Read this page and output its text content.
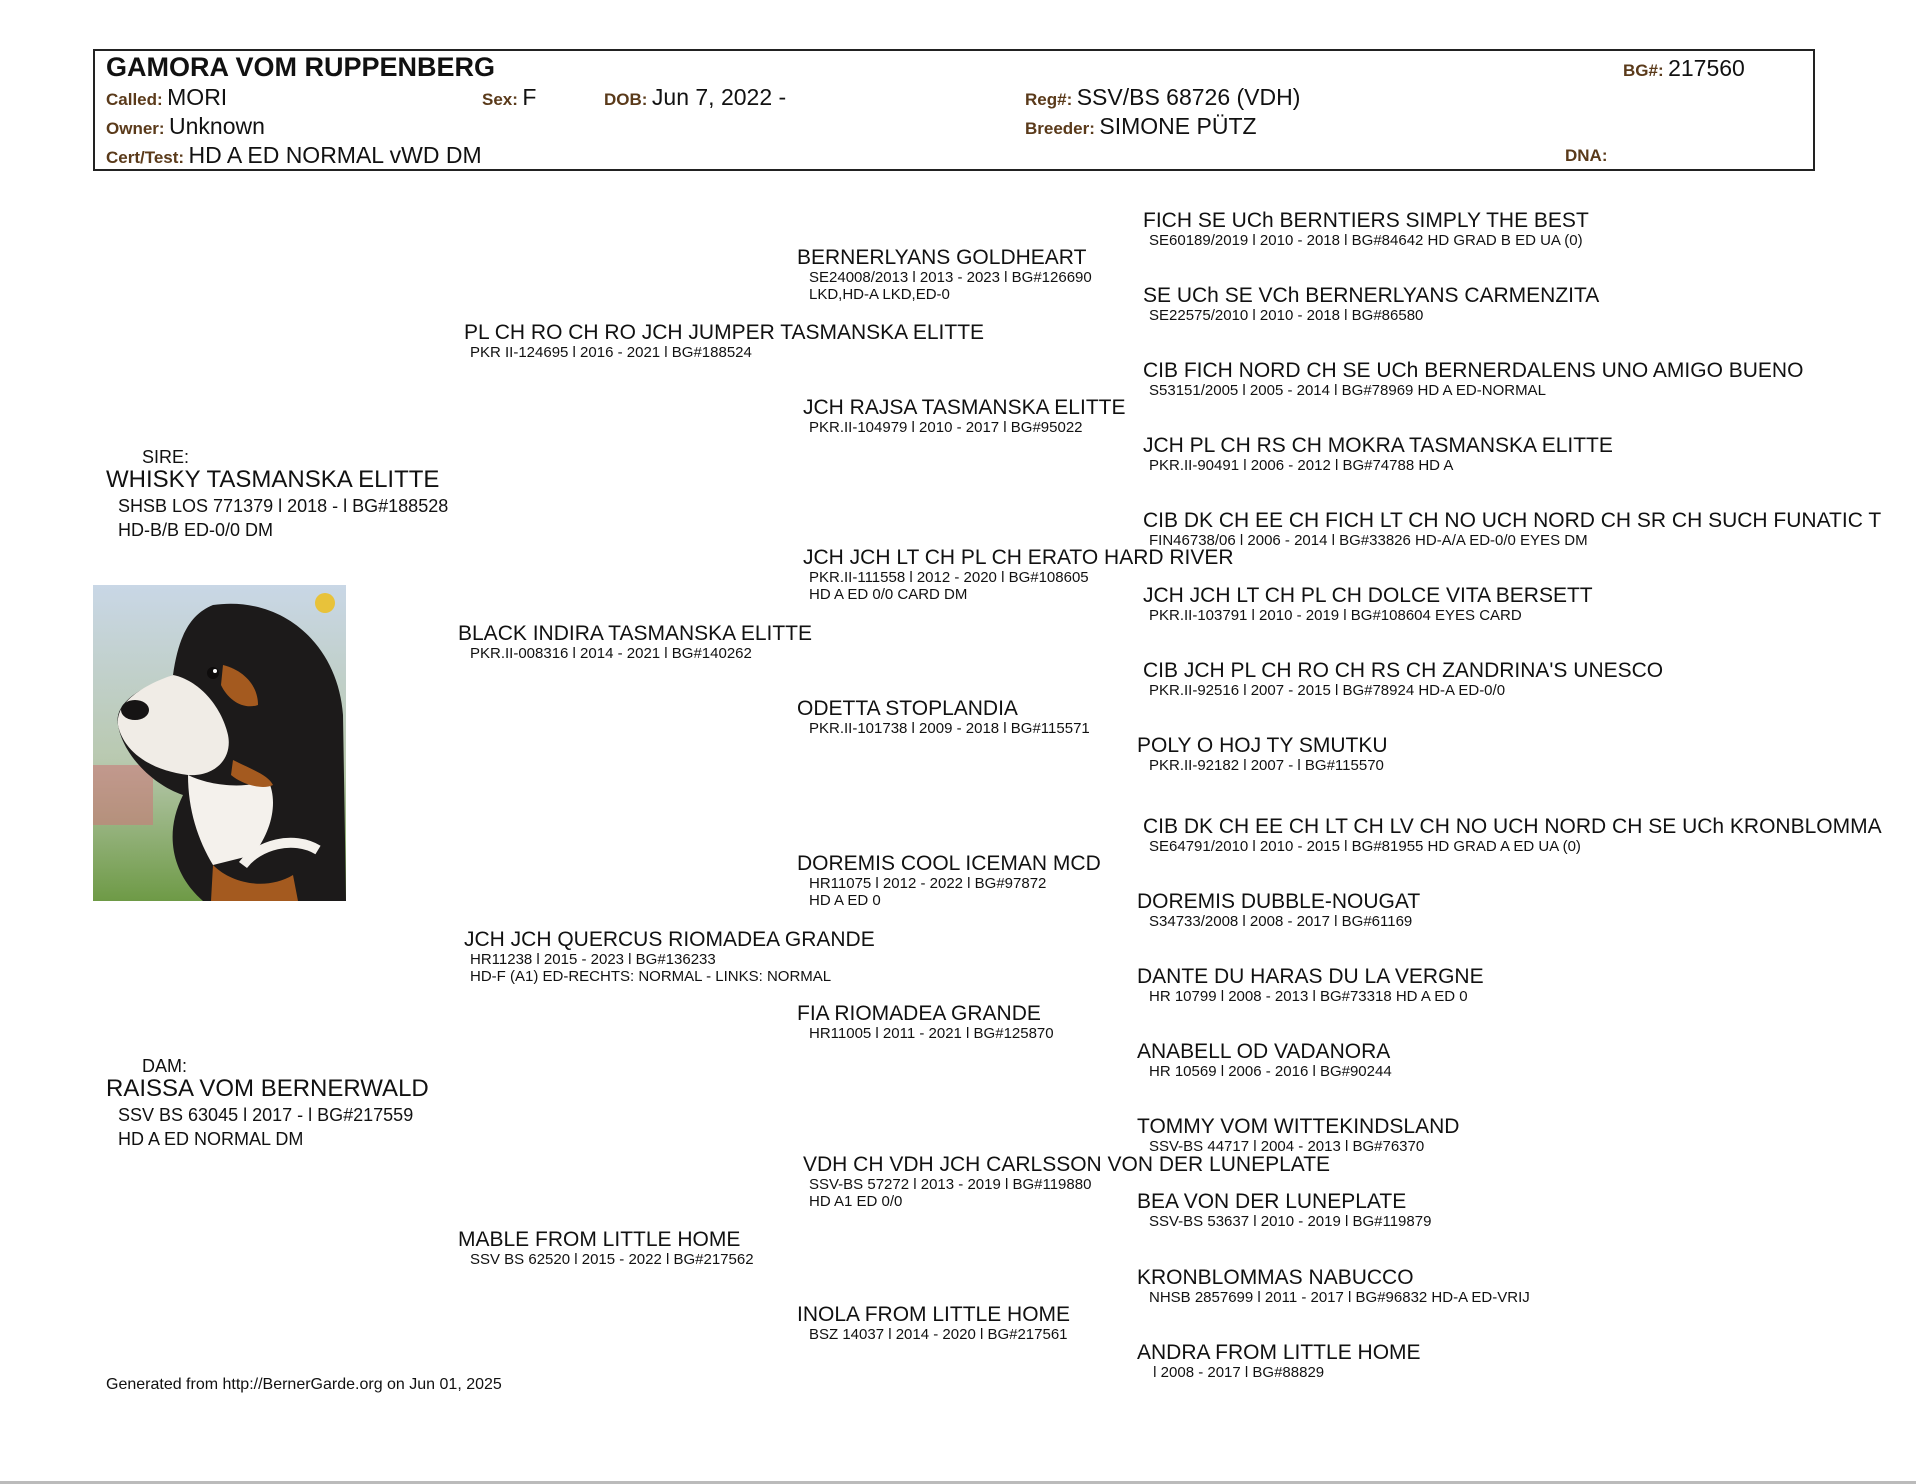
GAMORA VOM RUPPENBERG	BG#: 217560
Called: MORI	Sex: F	DOB: Jun 7, 2022 -	Reg#: SSV/BS 68726 (VDH)
Owner: Unknown	Breeder: SIMONE PÜTZ
Cert/Test: HD A ED NORMAL vWD DM	DNA:
SIRE:
WHISKY TASMANSKA ELITTE
SHSB LOS 771379 l 2018 - l BG#188528
HD-B/B ED-0/0 DM
DAM:
RAISSA VOM BERNERWALD
SSV BS 63045 l 2017 - l BG#217559
HD A ED NORMAL DM
PL CH RO CH RO JCH JUMPER TASMANSKA ELITTE
PKR II-124695 l 2016 - 2021 l BG#188524
BLACK INDIRA TASMANSKA ELITTE
PKR.II-008316 l 2014 - 2021 l BG#140262
JCH JCH QUERCUS RIOMADEA GRANDE
HR11238 l 2015 - 2023 l BG#136233
HD-F (A1) ED-RECHTS: NORMAL - LINKS: NORMAL
MABLE FROM LITTLE HOME
SSV BS 62520 l 2015 - 2022 l BG#217562
BERNERLYANS GOLDHEART
SE24008/2013 l 2013 - 2023 l BG#126690
LKD,HD-A LKD,ED-0
JCH RAJSA TASMANSKA ELITTE
PKR.II-104979 l 2010 - 2017 l BG#95022
JCH JCH LT CH PL CH ERATO HARD RIVER
PKR.II-111558 l 2012 - 2020 l BG#108605
HD A ED 0/0 CARD DM
ODETTA STOPLANDIA
PKR.II-101738 l 2009 - 2018 l BG#115571
DOREMIS COOL ICEMAN MCD
HR11075 l 2012 - 2022 l BG#97872
HD A ED 0
FIA RIOMADEA GRANDE
HR11005 l 2011 - 2021 l BG#125870
VDH CH VDH JCH CARLSSON VON DER LUNEPLATE
SSV-BS 57272 l 2013 - 2019 l BG#119880
HD A1 ED 0/0
INOLA FROM LITTLE HOME
BSZ 14037 l 2014 - 2020 l BG#217561
FICH SE UCh BERNTIERS SIMPLY THE BEST
SE60189/2019 l 2010 - 2018 l BG#84642 HD GRAD B ED UA (0)
SE UCh SE VCh BERNERLYANS CARMENZITA
SE22575/2010 l 2010 - 2018 l BG#86580
CIB FICH NORD CH SE UCh BERNERDALENS UNO AMIGO BUENO
S53151/2005 l 2005 - 2014 l BG#78969 HD A ED-NORMAL
JCH PL CH RS CH MOKRA TASMANSKA ELITTE
PKR.II-90491 l 2006 - 2012 l BG#74788 HD A
CIB DK CH EE CH FICH LT CH NO UCH NORD CH SR CH SUCH FUNATIC T
FIN46738/06 l 2006 - 2014 l BG#33826 HD-A/A ED-0/0 EYES DM
JCH JCH LT CH PL CH DOLCE VITA BERSETT
PKR.II-103791 l 2010 - 2019 l BG#108604 EYES CARD
CIB JCH PL CH RO CH RS CH ZANDRINA'S UNESCO
PKR.II-92516 l 2007 - 2015 l BG#78924 HD-A ED-0/0
POLY O HOJ TY SMUTKU
PKR.II-92182 l 2007 - l BG#115570
CIB DK CH EE CH LT CH LV CH NO UCH NORD CH SE UCh KRONBLOMMA
SE64791/2010 l 2010 - 2015 l BG#81955 HD GRAD A ED UA (0)
DOREMIS DUBBLE-NOUGAT
S34733/2008 l 2008 - 2017 l BG#61169
DANTE DU HARAS DU LA VERGNE
HR 10799 l 2008 - 2013 l BG#73318 HD A ED 0
ANABELL OD VADANORA
HR 10569 l 2006 - 2016 l BG#90244
TOMMY VOM WITTEKINDSLAND
SSV-BS 44717 l 2004 - 2013 l BG#76370
BEA VON DER LUNEPLATE
SSV-BS 53637 l 2010 - 2019 l BG#119879
KRONBLOMMAS NABUCCO
NHSB 2857699 l 2011 - 2017 l BG#96832 HD-A ED-VRIJ
ANDRA FROM LITTLE HOME
l 2008 - 2017 l BG#88829
Generated from http://BernerGarde.org on Jun 01, 2025
